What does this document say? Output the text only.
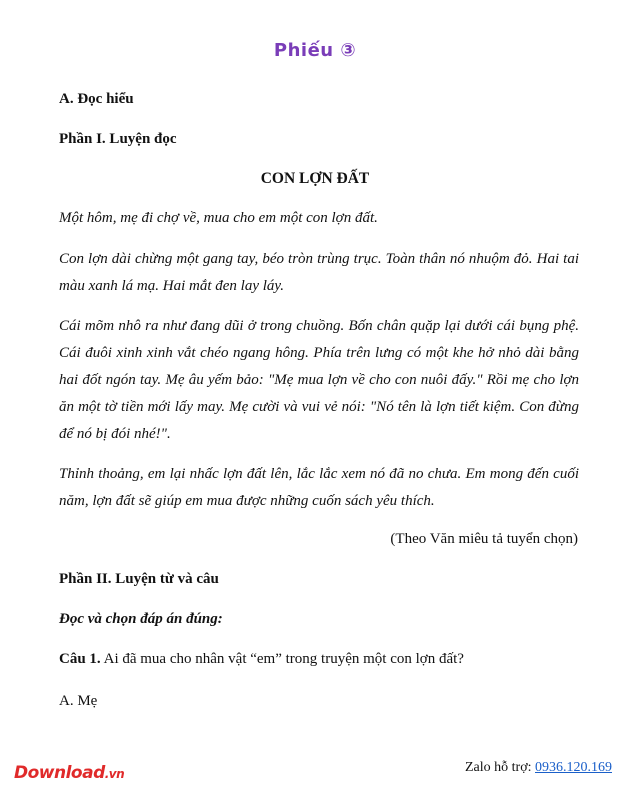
Phiếu ③
A. Đọc hiểu
Phần I. Luyện đọc
CON LỢN ĐẤT
Một hôm, mẹ đi chợ về, mua cho em một con lợn đất.
Con lợn dài chừng một gang tay, béo tròn trùng trục. Toàn thân nó nhuộm đỏ. Hai tai màu xanh lá mạ. Hai mắt đen lay láy.
Cái mõm nhô ra như đang dũi ở trong chuồng. Bốn chân quặp lại dưới cái bụng phệ. Cái đuôi xinh xinh vắt chéo ngang hông. Phía trên lưng có một khe hở nhỏ dài bằng hai đốt ngón tay. Mẹ âu yếm bảo: "Mẹ mua lợn về cho con nuôi đấy." Rồi mẹ cho lợn ăn một tờ tiền mới lấy may. Mẹ cười và vui vẻ nói: "Nó tên là lợn tiết kiệm. Con đừng để nó bị đói nhé!".
Thỉnh thoảng, em lại nhấc lợn đất lên, lắc lắc xem nó đã no chưa. Em mong đến cuối năm, lợn đất sẽ giúp em mua được những cuốn sách yêu thích.
(Theo Văn miêu tả tuyển chọn)
Phần II. Luyện từ và câu
Đọc và chọn đáp án đúng:
Câu 1. Ai đã mua cho nhân vật “em” trong truyện một con lợn đất?
A. Mẹ
Download.vn	Zalo hỗ trợ: 0936.120.169
